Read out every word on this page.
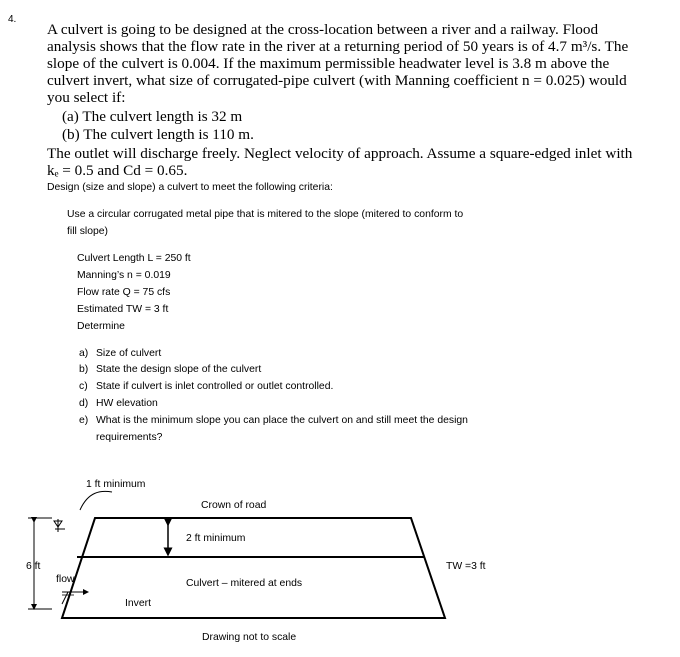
4.
A culvert is going to be designed at the cross-location between a river and a railway. Flood
analysis shows that the flow rate in the river at a returning period of 50 years is of 4.7 m³/s. The
slope of the culvert is 0.004. If the maximum permissible headwater level is 3.8 m above the
culvert invert, what size of corrugated-pipe culvert (with Manning coefficient n = 0.025) would
you select if:
(a) The culvert length is 32 m
(b) The culvert length is 110 m.
The outlet will discharge freely. Neglect velocity of approach. Assume a square-edged inlet with
kₑ = 0.5 and Cd = 0.65.
Design (size and slope) a culvert to meet the following criteria:
Use a circular corrugated metal pipe that is mitered to the slope (mitered to conform to
fill slope)
Culvert Length L = 250 ft
Manning’s n = 0.019
Flow rate Q = 75 cfs
Estimated TW = 3 ft
Determine
a) Size of culvert
b) State the design slope of the culvert
c) State if culvert is inlet controlled or outlet controlled.
d) HW elevation
e) What is the minimum slope you can place the culvert on and still meet the design
requirements?
1 ft minimum
Crown of road
2 ft minimum
6 ft
flow	Culvert – mitered at ends
Invert
TW =3 ft
Drawing not to scale
